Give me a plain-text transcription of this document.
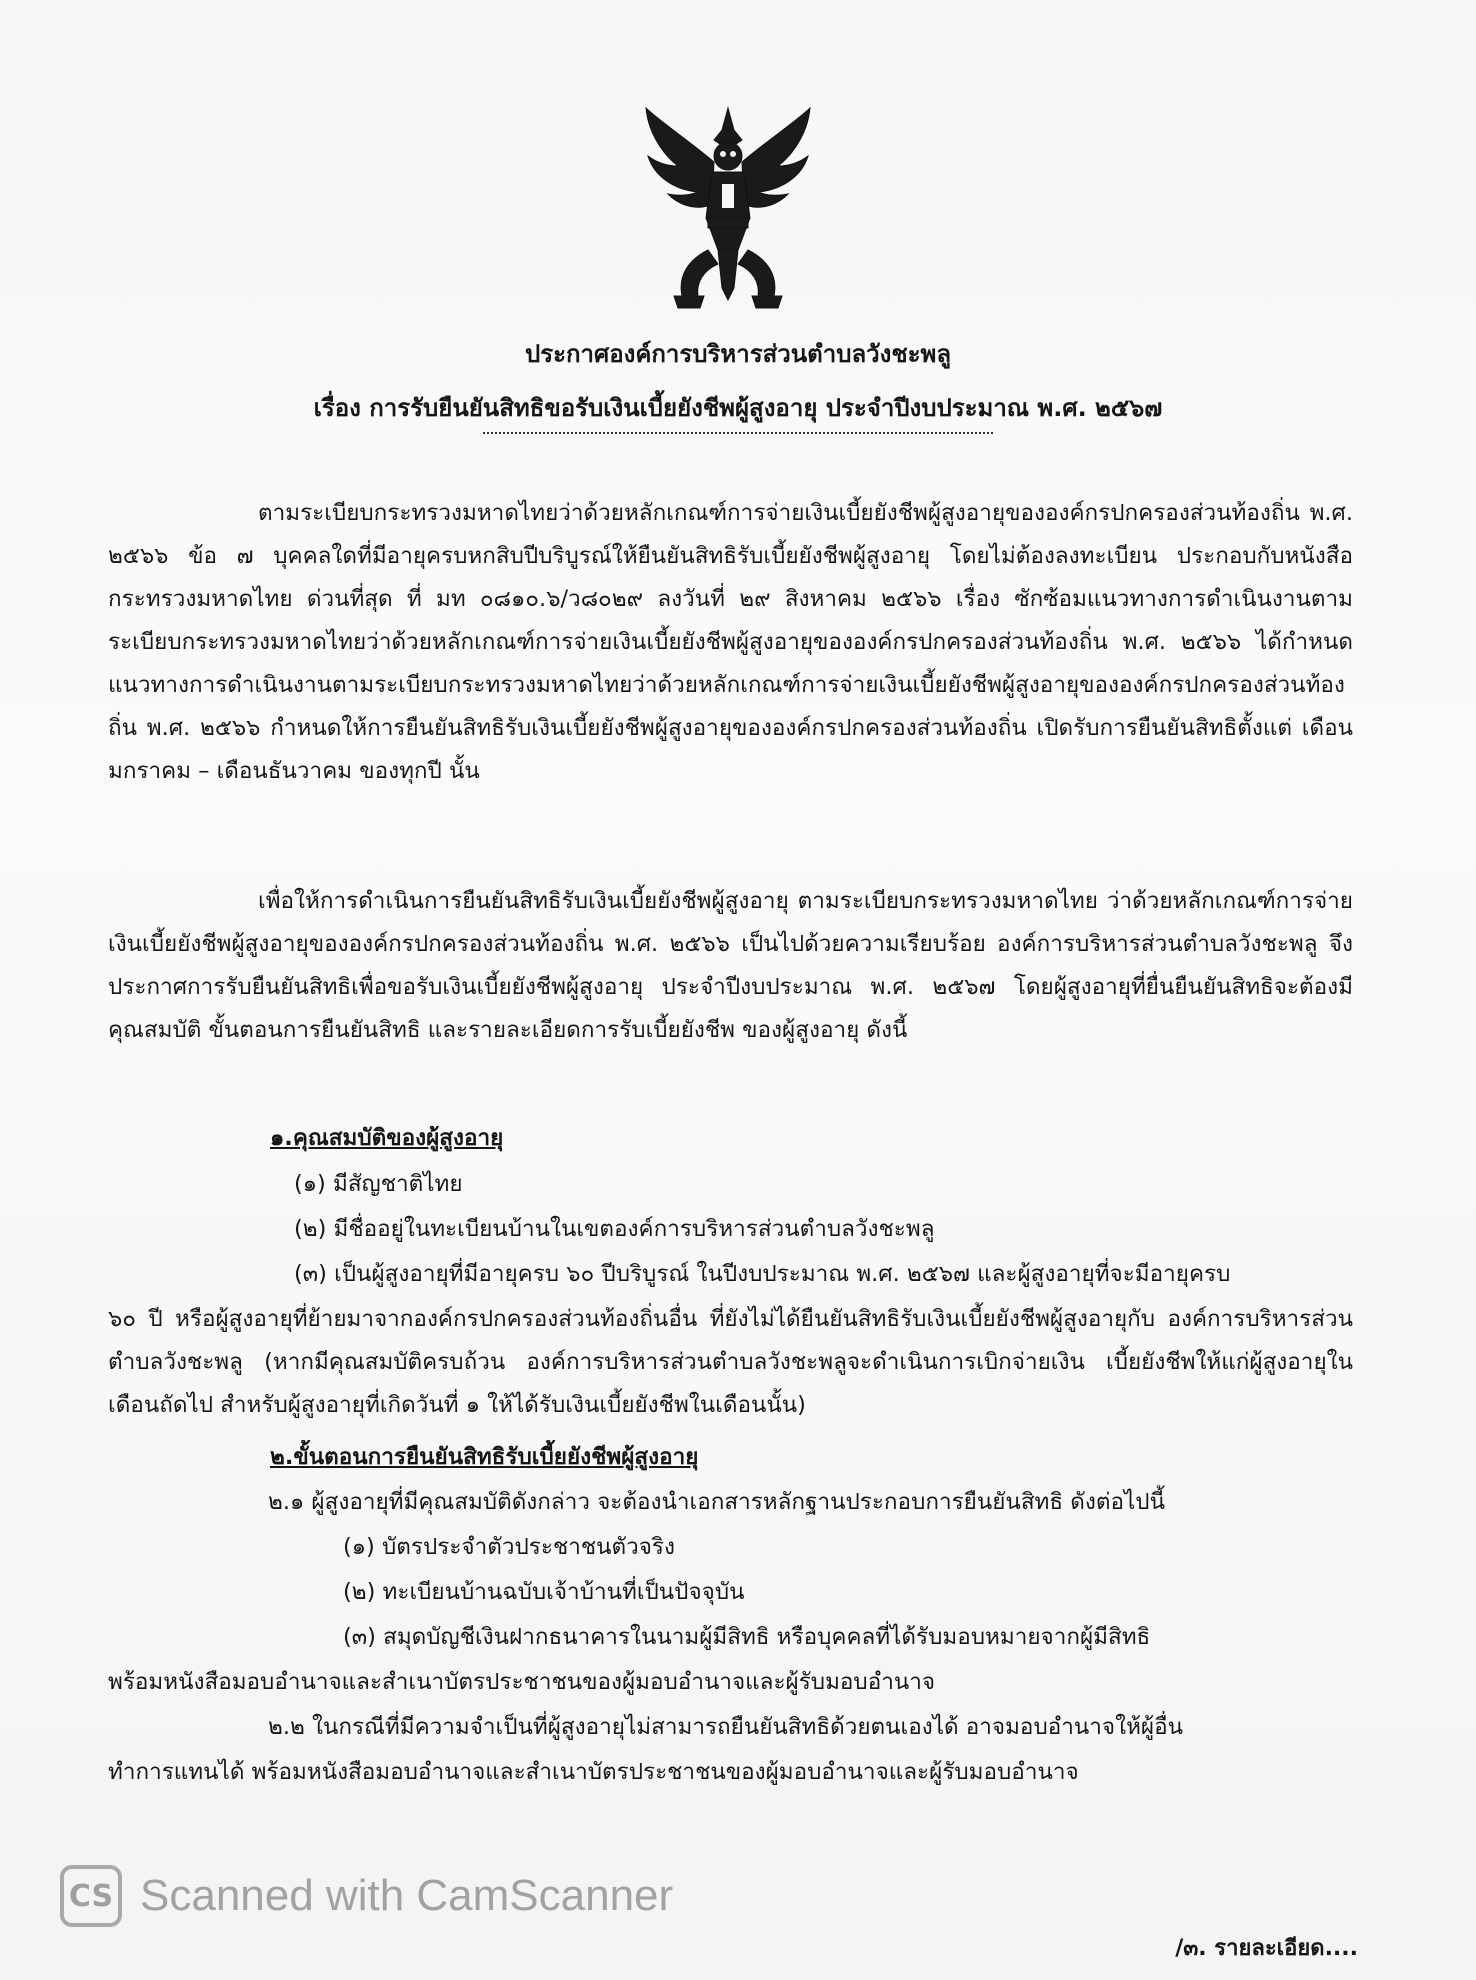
ประกาศองค์การบริหารส่วนตำบลวังชะพลู
เรื่อง การรับยืนยันสิทธิขอรับเงินเบี้ยยังชีพผู้สูงอายุ ประจำปีงบประมาณ พ.ศ. ๒๕๖๗
ตามระเบียบกระทรวงมหาดไทยว่าด้วยหลักเกณฑ์การจ่ายเงินเบี้ยยังชีพผู้สูงอายุขององค์กรปกครองส่วนท้องถิ่น พ.ศ. ๒๕๖๖ ข้อ ๗ บุคคลใดที่มีอายุครบหกสิบปีบริบูรณ์ให้ยืนยันสิทธิรับเบี้ยยังชีพผู้สูงอายุ โดยไม่ต้องลงทะเบียน ประกอบกับหนังสือกระทรวงมหาดไทย ด่วนที่สุด ที่ มท ๐๘๑๐.๖/ว๘๐๒๙ ลงวันที่ ๒๙ สิงหาคม ๒๕๖๖ เรื่อง ซักซ้อมแนวทางการดำเนินงานตามระเบียบกระทรวงมหาดไทยว่าด้วยหลักเกณฑ์การจ่ายเงินเบี้ยยังชีพผู้สูงอายุขององค์กรปกครองส่วนท้องถิ่น พ.ศ. ๒๕๖๖ ได้กำหนดแนวทางการดำเนินงานตามระเบียบกระทรวงมหาดไทยว่าด้วยหลักเกณฑ์การจ่ายเงินเบี้ยยังชีพผู้สูงอายุขององค์กรปกครองส่วนท้องถิ่น พ.ศ. ๒๕๖๖ กำหนดให้การยืนยันสิทธิรับเงินเบี้ยยังชีพผู้สูงอายุขององค์กรปกครองส่วนท้องถิ่น เปิดรับการยืนยันสิทธิตั้งแต่ เดือนมกราคม – เดือนธันวาคม ของทุกปี นั้น
เพื่อให้การดำเนินการยืนยันสิทธิรับเงินเบี้ยยังชีพผู้สูงอายุ ตามระเบียบกระทรวงมหาดไทย ว่าด้วยหลักเกณฑ์การจ่ายเงินเบี้ยยังชีพผู้สูงอายุขององค์กรปกครองส่วนท้องถิ่น พ.ศ. ๒๕๖๖ เป็นไปด้วยความเรียบร้อย องค์การบริหารส่วนตำบลวังชะพลู จึงประกาศการรับยืนยันสิทธิเพื่อขอรับเงินเบี้ยยังชีพผู้สูงอายุ ประจำปีงบประมาณ พ.ศ. ๒๕๖๗ โดยผู้สูงอายุที่ยื่นยืนยันสิทธิจะต้องมีคุณสมบัติ ขั้นตอนการยืนยันสิทธิ และรายละเอียดการรับเบี้ยยังชีพ ของผู้สูงอายุ ดังนี้
๑.คุณสมบัติของผู้สูงอายุ
(๑) มีสัญชาติไทย
(๒) มีชื่ออยู่ในทะเบียนบ้านในเขตองค์การบริหารส่วนตำบลวังชะพลู
(๓) เป็นผู้สูงอายุที่มีอายุครบ ๖๐ ปีบริบูรณ์ ในปีงบประมาณ พ.ศ. ๒๕๖๗ และผู้สูงอายุที่จะมีอายุครบ
๖๐ ปี หรือผู้สูงอายุที่ย้ายมาจากองค์กรปกครองส่วนท้องถิ่นอื่น ที่ยังไม่ได้ยืนยันสิทธิรับเงินเบี้ยยังชีพผู้สูงอายุกับ องค์การบริหารส่วนตำบลวังชะพลู (หากมีคุณสมบัติครบถ้วน องค์การบริหารส่วนตำบลวังชะพลูจะดำเนินการเบิกจ่ายเงิน เบี้ยยังชีพให้แก่ผู้สูงอายุในเดือนถัดไป สำหรับผู้สูงอายุที่เกิดวันที่ ๑ ให้ได้รับเงินเบี้ยยังชีพในเดือนนั้น)
๒.ขั้นตอนการยืนยันสิทธิรับเบี้ยยังชีพผู้สูงอายุ
๒.๑ ผู้สูงอายุที่มีคุณสมบัติดังกล่าว จะต้องนำเอกสารหลักฐานประกอบการยืนยันสิทธิ ดังต่อไปนี้
(๑) บัตรประจำตัวประชาชนตัวจริง
(๒) ทะเบียนบ้านฉบับเจ้าบ้านที่เป็นปัจจุบัน
(๓) สมุดบัญชีเงินฝากธนาคารในนามผู้มีสิทธิ หรือบุคคลที่ได้รับมอบหมายจากผู้มีสิทธิ
พร้อมหนังสือมอบอำนาจและสำเนาบัตรประชาชนของผู้มอบอำนาจและผู้รับมอบอำนาจ
๒.๒ ในกรณีที่มีความจำเป็นที่ผู้สูงอายุไม่สามารถยืนยันสิทธิด้วยตนเองได้ อาจมอบอำนาจให้ผู้อื่น
ทำการแทนได้ พร้อมหนังสือมอบอำนาจและสำเนาบัตรประชาชนของผู้มอบอำนาจและผู้รับมอบอำนาจ
CS Scanned with CamScanner
/๓. รายละเอียด....
